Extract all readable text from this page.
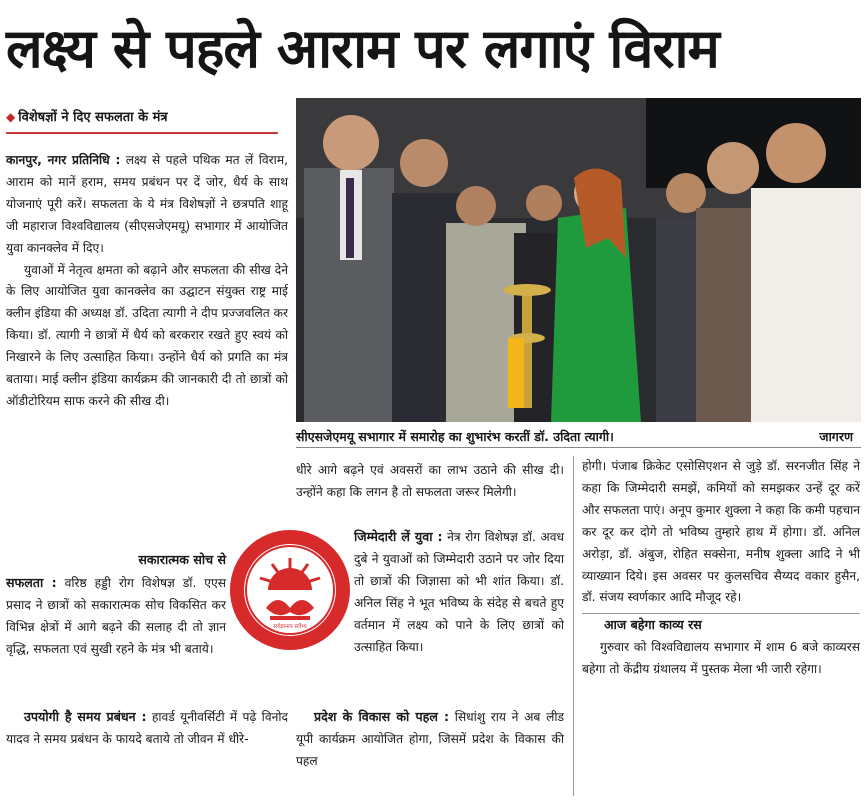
लक्ष्य से पहले आराम पर लगाएं विराम
◆ विशेषज्ञों ने दिए सफलता के मंत्र
सीएसजेएमयू सभागार में समारोह का शुभारंभ करतीं डॉ. उदिता त्यागी।	जागरण

कानपुर, नगर प्रतिनिधि : लक्ष्य से पहले पथिक मत लें विराम, आराम को मानें हराम, समय प्रबंधन पर दें जोर, धैर्य के साथ योजनाएं पूरी करें। सफलता के ये मंत्र विशेषज्ञों ने छत्रपति शाहू जी महाराज विश्वविद्यालय (सीएसजेएमयू) सभागार में आयोजित युवा कानक्लेव में दिए।

युवाओं में नेतृत्व क्षमता को बढ़ाने और सफलता की सीख देने के लिए आयोजित युवा कानक्लेव का उद्घाटन संयुक्त राष्ट्र माई क्लीन इंडिया की अध्यक्ष डॉ. उदिता त्यागी ने दीप प्रज्जवलित कर किया। डॉ. त्यागी ने छात्रों में धैर्य को बरकरार रखते हुए स्वयं को निखारने के लिए उत्साहित किया। उन्होंने धैर्य को प्रगति का मंत्र बताया। माई क्लीन इंडिया कार्यक्रम की जानकारी दी तो छात्रों को ऑडीटोरियम साफ करने की सीख दी।

सकारात्मक सोच से
सफलता : वरिष्ठ हड्डी रोग विशेषज्ञ डॉ. एएस प्रसाद ने छात्रों को सकारात्मक सोच विकसित कर विभिन्न क्षेत्रों में आगे बढ़ने की सलाह दी तो ज्ञान वृद्धि, सफलता एवं सुखी रहने के मंत्र भी बताये।

उपयोगी है समय प्रबंधन : हावर्ड यूनीवर्सिटी में पढ़े विनोद यादव ने समय प्रबंधन के फायदे बताये तो जीवन में धीरे-

सर्वज्ञानाय सर्वेभ्य

धीरे आगे बढ़ने एवं अवसरों का लाभ उठाने की सीख दी। उन्होंने कहा कि लगन है तो सफलता जरूर मिलेगी।

जिम्मेदारी लें युवा : नेत्र रोग विशेषज्ञ डॉ. अवध दुबे ने युवाओं को जिम्मेदारी उठाने पर जोर दिया तो छात्रों की जिज्ञासा को भी शांत किया। डॉ. अनिल सिंह ने भूत भविष्य के संदेह से बचते हुए वर्तमान में लक्ष्य को पाने के लिए छात्रों को उत्साहित किया।

प्रदेश के विकास को पहल : सिधांशु राय ने अब लीड यूपी कार्यक्रम आयोजित होगा, जिसमें प्रदेश के विकास की पहल

होगी। पंजाब क्रिकेट एसोसिएशन से जुड़े डॉ. सरनजीत सिंह ने कहा कि जिम्मेदारी समझें, कमियों को समझकर उन्हें दूर करें और सफलता पाएं। अनूप कुमार शुक्ला ने कहा कि कमी पहचान कर दूर कर दोगे तो भविष्य तुम्हारे हाथ में होगा। डॉ. अनिल अरोड़ा, डॉ. अंबुज, रोहित सक्सेना, मनीष शुक्ला आदि ने भी व्याख्यान दिये। इस अवसर पर कुलसचिव सैय्यद वकार हुसैन, डॉ. संजय स्वर्णकार आदि मौजूद रहे।

आज बहेगा काव्य रस

गुरुवार को विश्वविद्यालय सभागार में शाम 6 बजे काव्यरस बहेगा तो केंद्रीय ग्रंथालय में पुस्तक मेला भी जारी रहेगा।
